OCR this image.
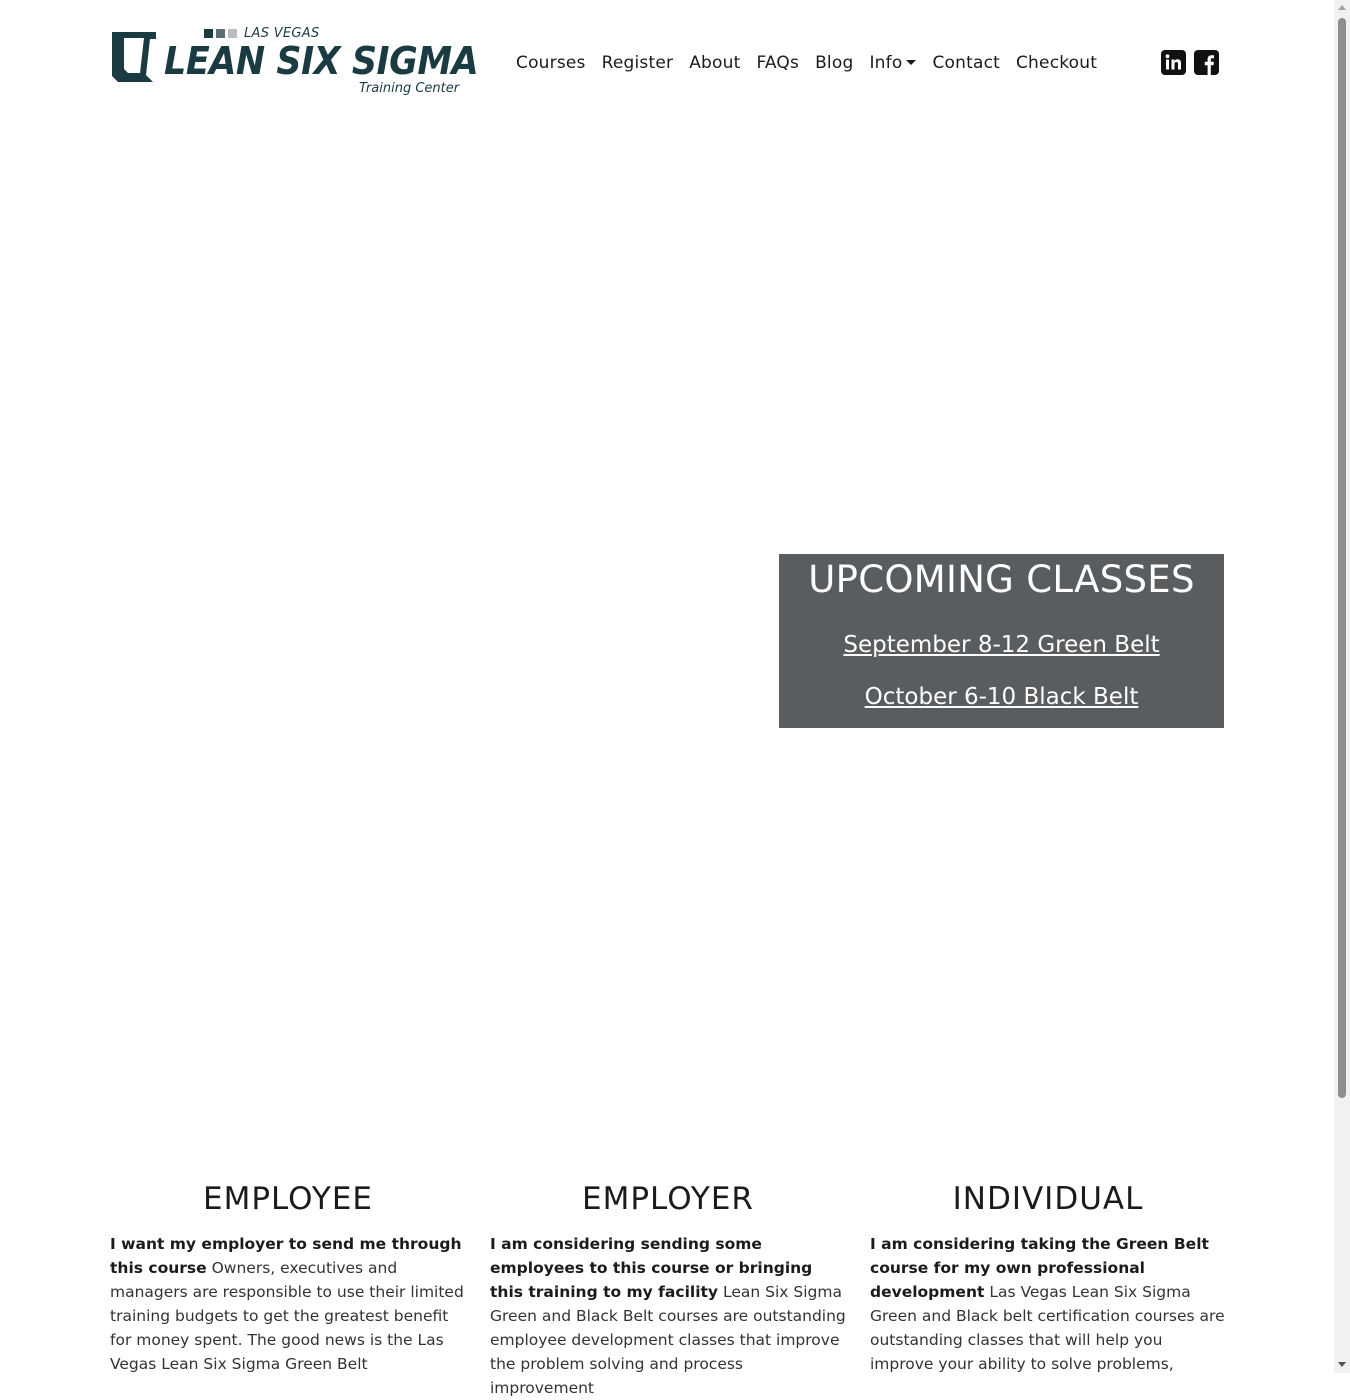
LAS VEGAS
LEAN SIX SIGMA
Training Center
Courses Register About FAQs Blog Info	Contact Checkout
UPCOMING CLASSES
September 8-12 Green Belt
October 6-10 Black Belt
EMPLOYEE

I want my employer to send me through this course Owners, executives and managers are responsible to use their limited training budgets to get the greatest benefit for money spent. The good news is the Las Vegas Lean Six Sigma Green Belt

EMPLOYER

I am considering sending some employees to this course or bringing this training to my facility Lean Six Sigma Green and Black Belt courses are outstanding employee development classes that improve the problem solving and process improvement

INDIVIDUAL

I am considering taking the Green Belt course for my own professional development Las Vegas Lean Six Sigma Green and Black belt certification courses are outstanding classes that will help you improve your ability to solve problems,
